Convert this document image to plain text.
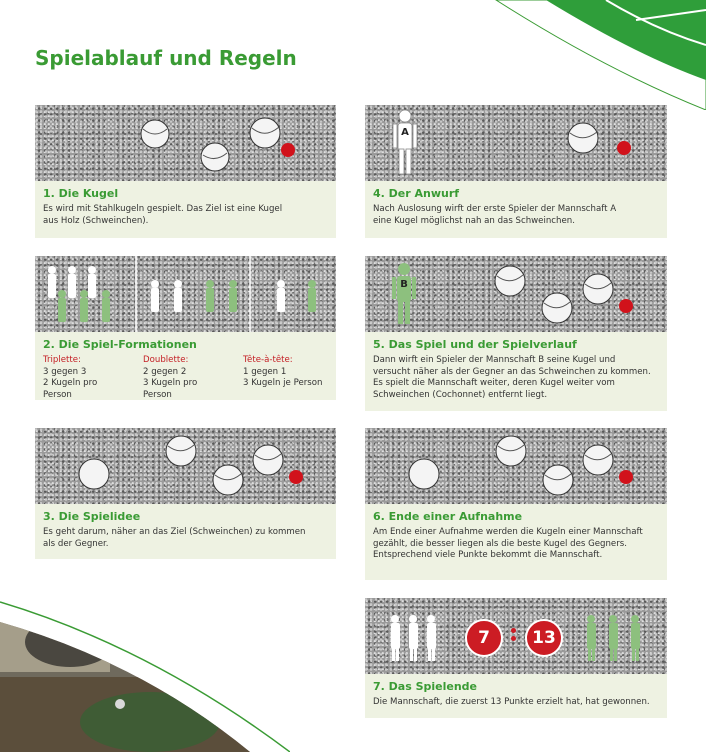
Spielablauf und Regeln
1. Die Kugel

Es wird mit Stahlkugeln gespielt. Das Ziel ist eine Kugel
aus Holz (Schweinchen).

A
4. Der Anwurf

Nach Auslosung wirft der erste Spieler der Mannschaft A
eine Kugel möglichst nah an das Schweinchen.

2. Die Spiel-Formationen
Triplette:
3 gegen 3
2 Kugeln pro Person
Doublette:
2 gegen 2
3 Kugeln pro Person
Tête-à-tête:
1 gegen 1
3 Kugeln je Person
B
5. Das Spiel und der Spielverlauf

Dann wirft ein Spieler der Mannschaft B seine Kugel und
versucht näher als der Gegner an das Schweinchen zu kommen.
Es spielt die Mannschaft weiter, deren Kugel weiter vom
Schweinchen (Cochonnet) entfernt liegt.

3. Die Spielidee

Es geht darum, näher an das Ziel (Schweinchen) zu kommen
als der Gegner.

6. Ende einer Aufnahme

Am Ende einer Aufnahme werden die Kugeln einer Mannschaft
gezählt, die besser liegen als die beste Kugel des Gegners.
Entsprechend viele Punkte bekommt die Mannschaft.

7	13
7. Das Spielende

Die Mannschaft, die zuerst 13 Punkte erzielt hat, hat gewonnen.
